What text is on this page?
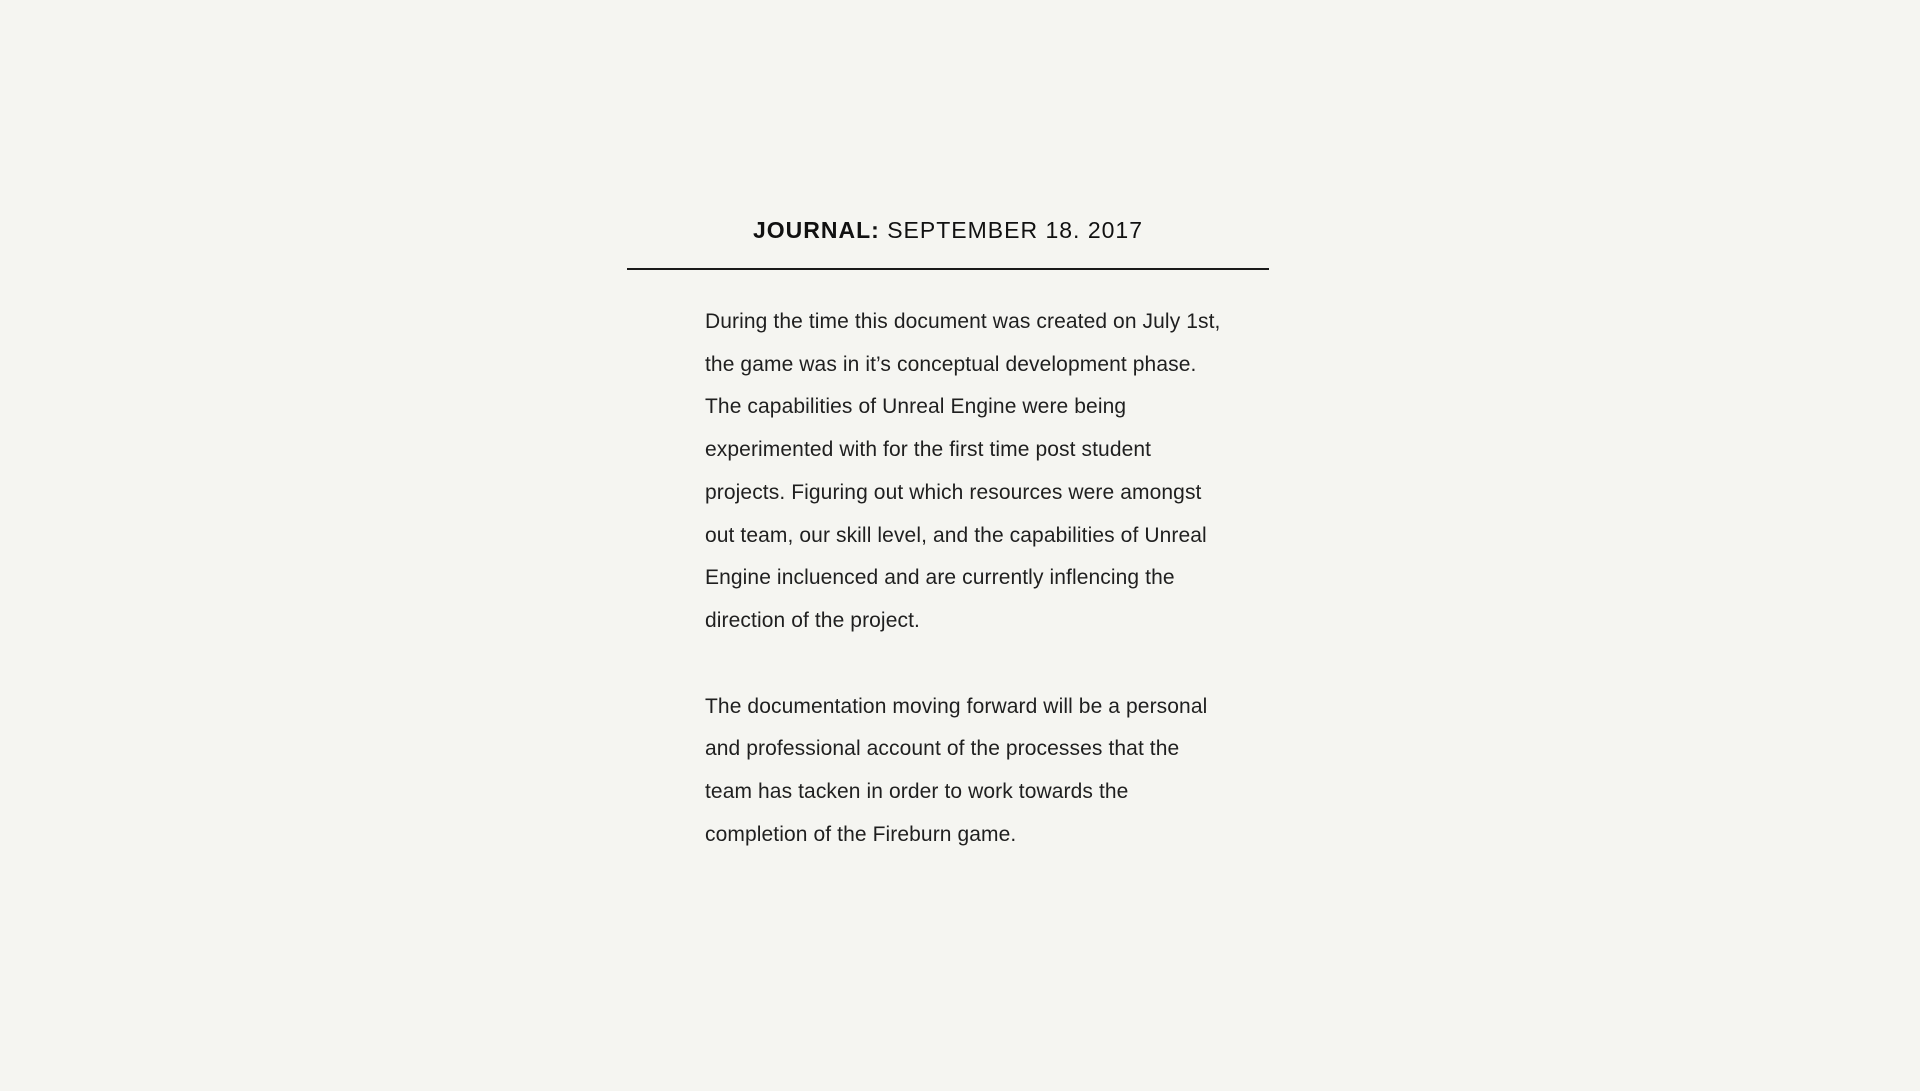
JOURNAL: SEPTEMBER 18. 2017

During the time this document was created on July 1st, the game was in it’s conceptual development phase. The capabilities of Unreal Engine were being experimented with for the first time post student projects. Figuring out which resources were amongst out team, our skill level, and the capabilities of Unreal Engine incluenced and are currently inflencing the direction of the project.

The documentation moving forward will be a personal and professional account of the processes that the team has tacken in order to work towards the completion of the Fireburn game.
